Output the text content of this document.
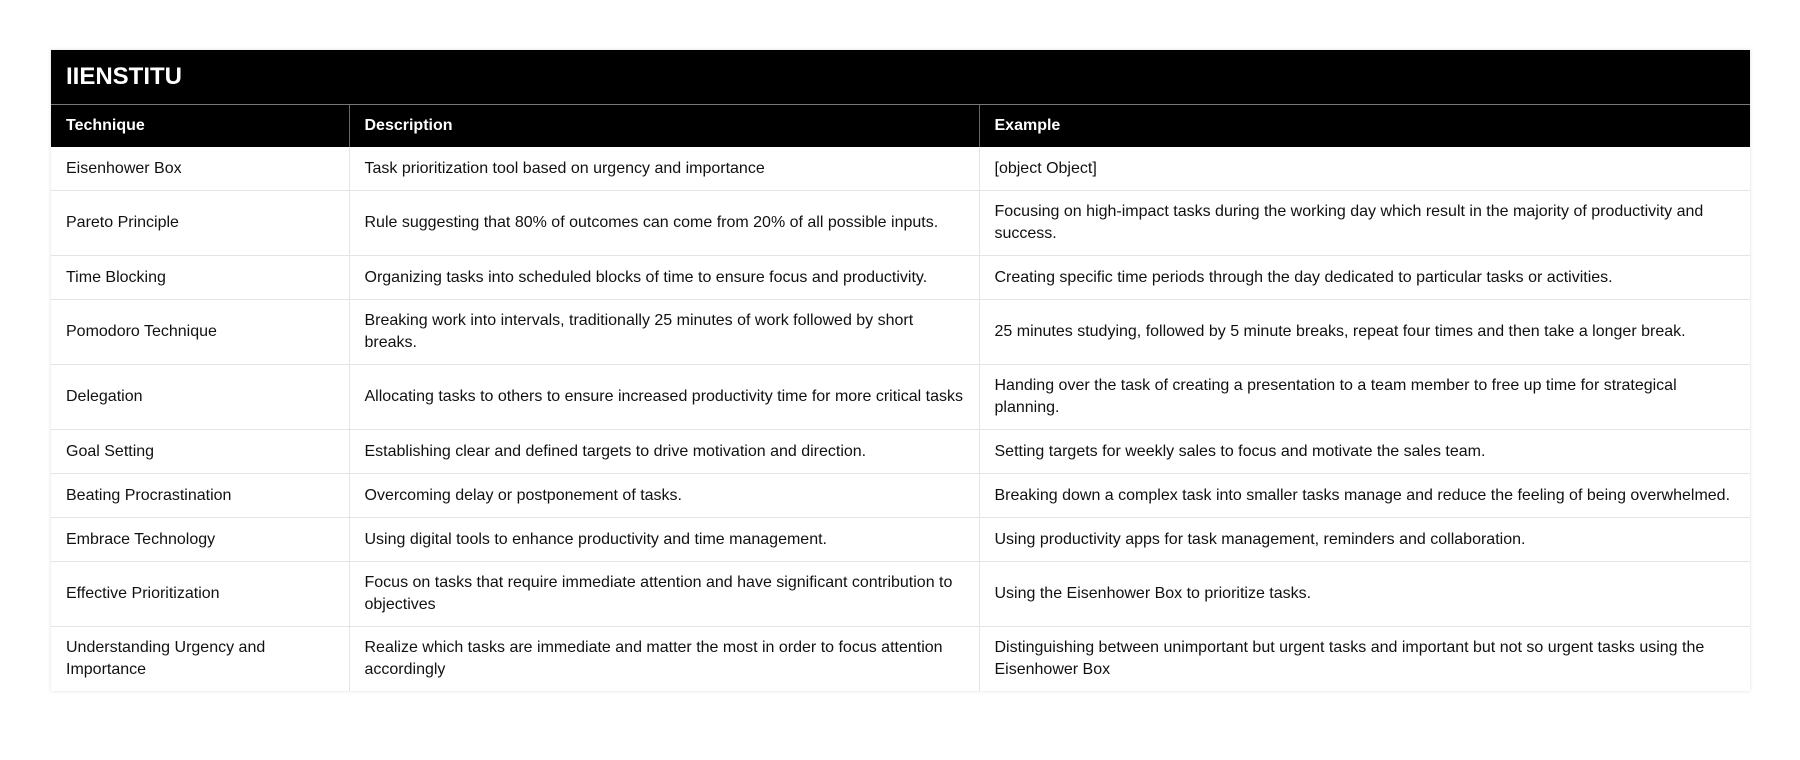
IIENSTITU		
Technique	Description	Example
Eisenhower Box	Task prioritization tool based on urgency and importance	[object Object]
Pareto Principle	Rule suggesting that 80% of outcomes can come from 20% of all possible inputs.	Focusing on high-impact tasks during the working day which result in the majority of productivity and success.
Time Blocking	Organizing tasks into scheduled blocks of time to ensure focus and productivity.	Creating specific time periods through the day dedicated to particular tasks or activities.
Pomodoro Technique	Breaking work into intervals, traditionally 25 minutes of work followed by short breaks.	25 minutes studying, followed by 5 minute breaks, repeat four times and then take a longer break.
Delegation	Allocating tasks to others to ensure increased productivity time for more critical tasks	Handing over the task of creating a presentation to a team member to free up time for strategical planning.
Goal Setting	Establishing clear and defined targets to drive motivation and direction.	Setting targets for weekly sales to focus and motivate the sales team.
Beating Procrastination	Overcoming delay or postponement of tasks.	Breaking down a complex task into smaller tasks manage and reduce the feeling of being overwhelmed.
Embrace Technology	Using digital tools to enhance productivity and time management.	Using productivity apps for task management, reminders and collaboration.
Effective Prioritization	Focus on tasks that require immediate attention and have significant contribution to objectives	Using the Eisenhower Box to prioritize tasks.
Understanding Urgency and Importance	Realize which tasks are immediate and matter the most in order to focus attention accordingly	Distinguishing between unimportant but urgent tasks and important but not so urgent tasks using the Eisenhower Box
